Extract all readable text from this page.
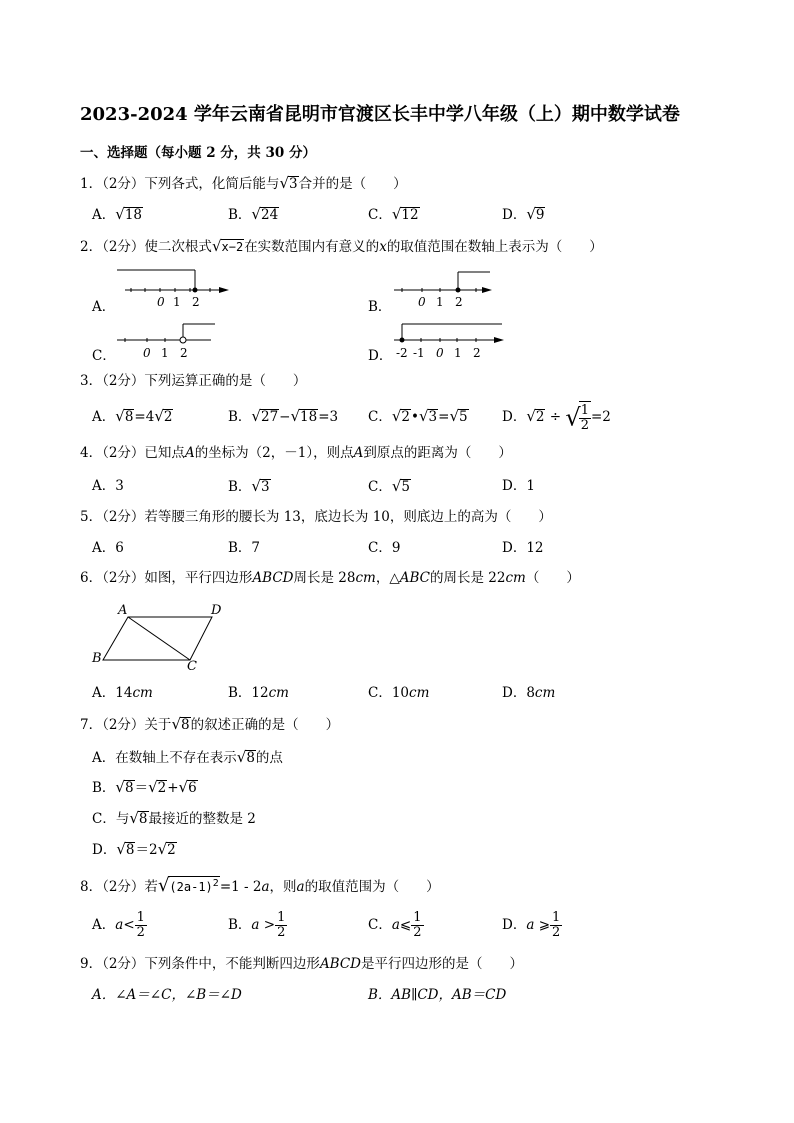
2023-2024 学年云南省昆明市官渡区长丰中学八年级（上）期中数学试卷
一、选择题（每小题 2 分，共 30 分）
1．（2分）下列各式，化简后能与√3合并的是（　　）
A．√18	B．√24	C．√12	D．√9
2．（2分）使二次根式√x−2在实数范围内有意义的x的取值范围在数轴上表示为（　　）
A．	0 1 2	B． 0 1 2
C． 0 1 2	D． -2 -1 0 1 2
3．（2分）下列运算正确的是（　　）
A．√8=4√2	B．√27−√18=3 C．√2•√3=√5	D．√2 ÷ √
$\frac{1}{2} =2$
4．（2分）已知点A的坐标为（2，－1），则点A到原点的距离为（　　）
A．3	B．√3	C．√5	D．1
5．（2分）若等腰三角形的腰长为 13，底边长为 10，则底边上的高为（　　）
A．6	B．7	C．9	D．12
6．（2分）如图，平行四边形ABCD周长是 28cm，△ABC的周长是 22cm（　　）
A	D
B
C
A．14cm	B．12cm	C．10cm	D．8cm
7．（2分）关于√8的叙述正确的是（　　）
A．在数轴上不存在表示√8的点
B．√8＝√2+√6
C．与√8最接近的整数是 2
D．√8＝2√2
8．（2分）若$√(2a-1)^2=1 - 2a$，则a的取值范围为（　　）
A．$a< \frac{1}{2}$	B．$a > \frac{1}{2}$	C．a⩽ $\frac{1}{2}$	D．a ⩾ $\frac{1}{2}$
9．（2分）下列条件中，不能判断四边形ABCD是平行四边形的是（　　）
A．∠A＝∠C，∠B＝∠D	B．AB∥CD，AB＝CD
